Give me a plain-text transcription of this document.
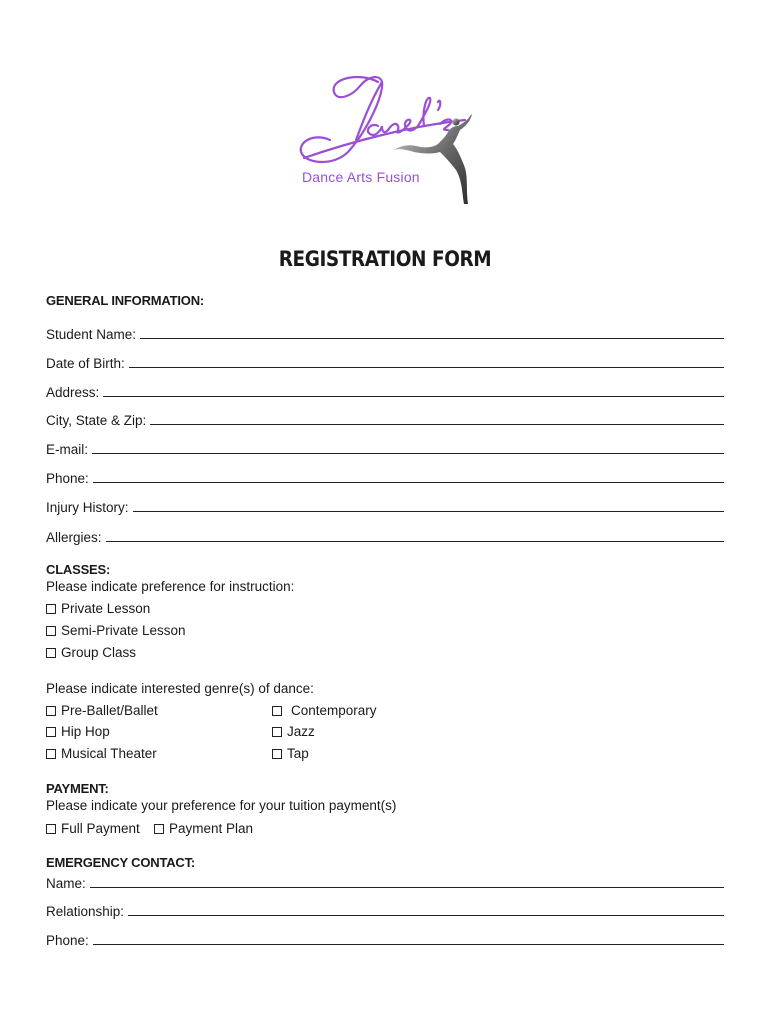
Dance Arts Fusion
REGISTRATION FORM
GENERAL INFORMATION:
Student Name:
Date of Birth:
Address:
City, State & Zip:
E-mail:
Phone:
Injury History:
Allergies:
CLASSES:
Please indicate preference for instruction:
Private Lesson
Semi-Private Lesson
Group Class
Please indicate interested genre(s) of dance:
Pre-Ballet/Ballet
Hip Hop
Musical Theater
Contemporary
Jazz
Tap
PAYMENT:
Please indicate your preference for your tuition payment(s)
Full Payment Payment Plan
EMERGENCY CONTACT:
Name:
Relationship:
Phone:
